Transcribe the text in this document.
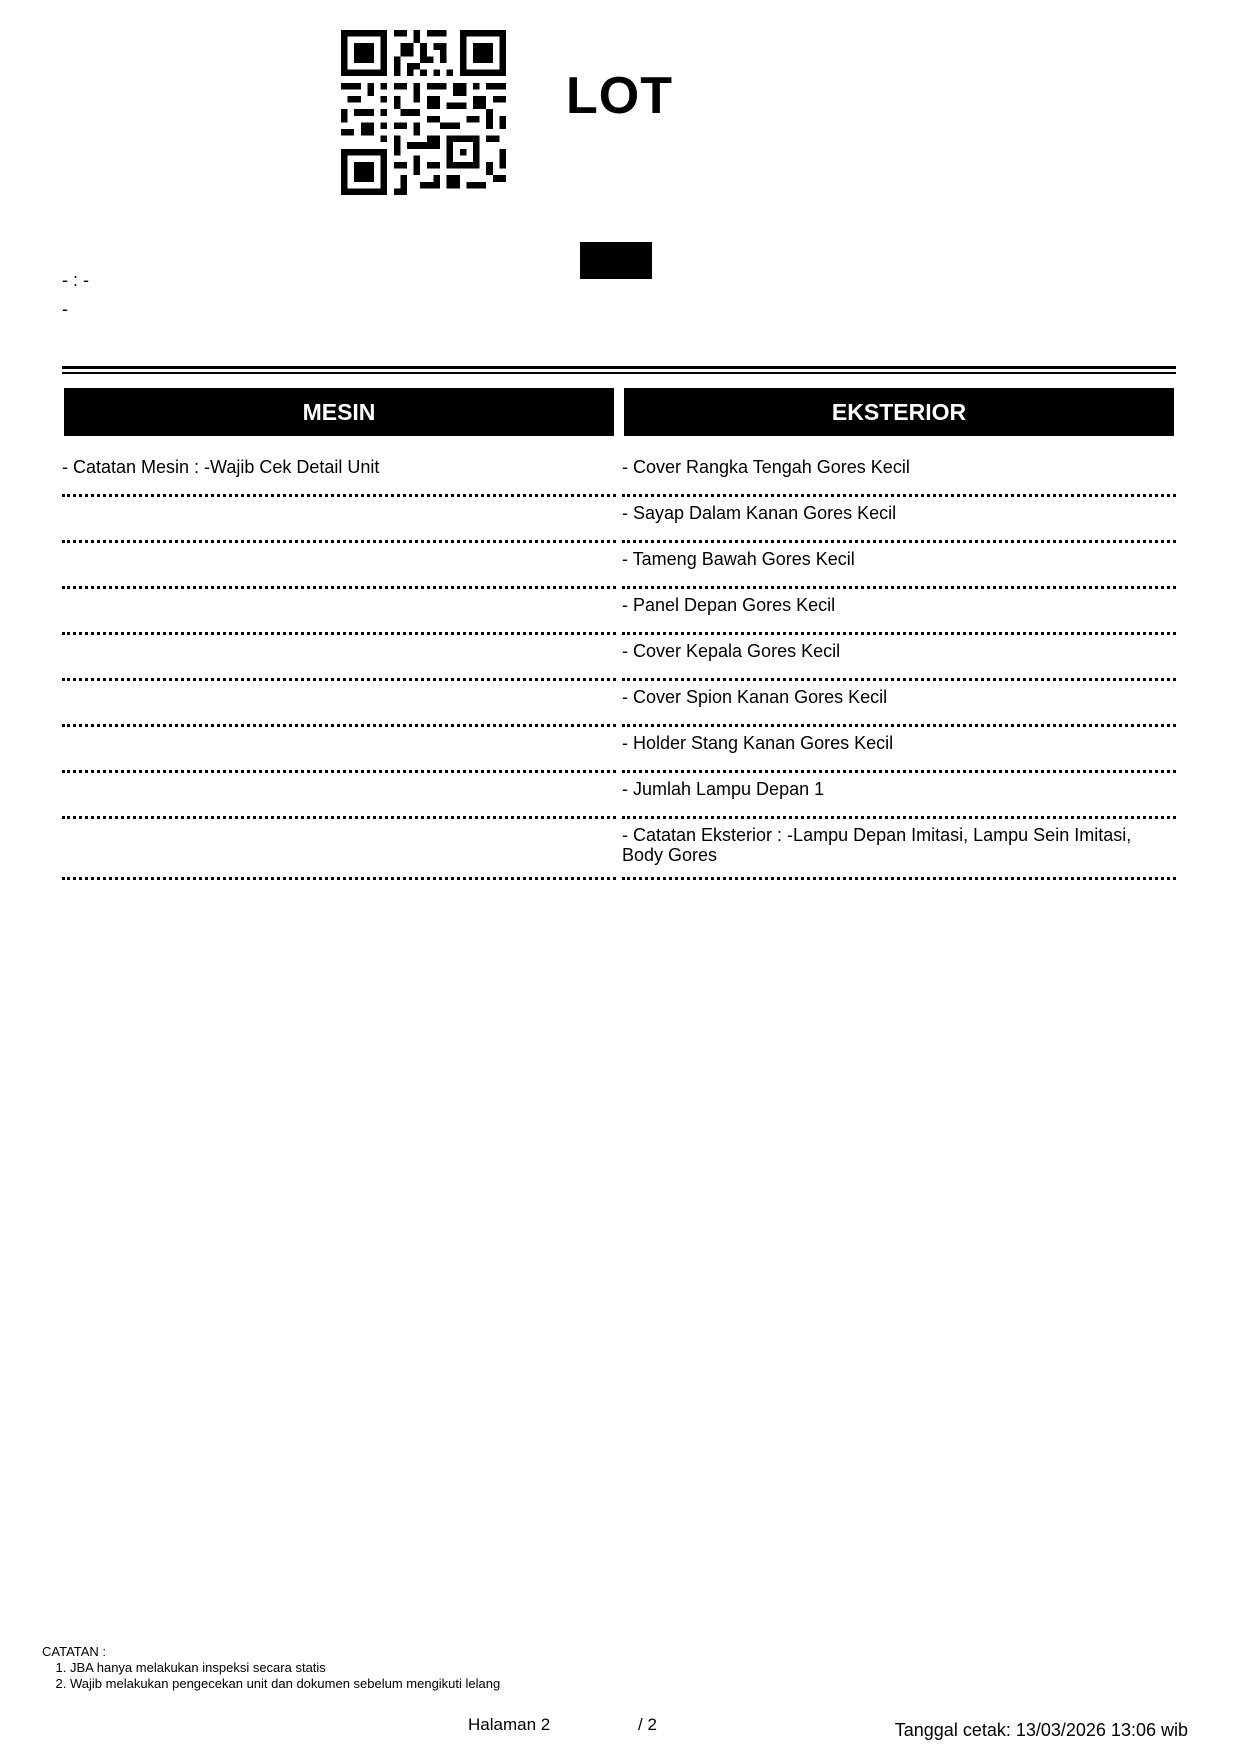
LOT
- : -
-
MESIN
- Catatan Mesin : -Wajib Cek Detail Unit
EKSTERIOR
- Cover Rangka Tengah Gores Kecil
- Sayap Dalam Kanan Gores Kecil
- Tameng Bawah Gores Kecil
- Panel Depan Gores Kecil
- Cover Kepala Gores Kecil
- Cover Spion Kanan Gores Kecil
- Holder Stang Kanan Gores Kecil
- Jumlah Lampu Depan 1
- Catatan Eksterior : -Lampu Depan Imitasi, Lampu Sein Imitasi, Body Gores
CATATAN :
1. JBA hanya melakukan inspeksi secara statis
2. Wajib melakukan pengecekan unit dan dokumen sebelum mengikuti lelang
Halaman 2	/ 2	Tanggal cetak: 13/03/2026 13:06 wib
